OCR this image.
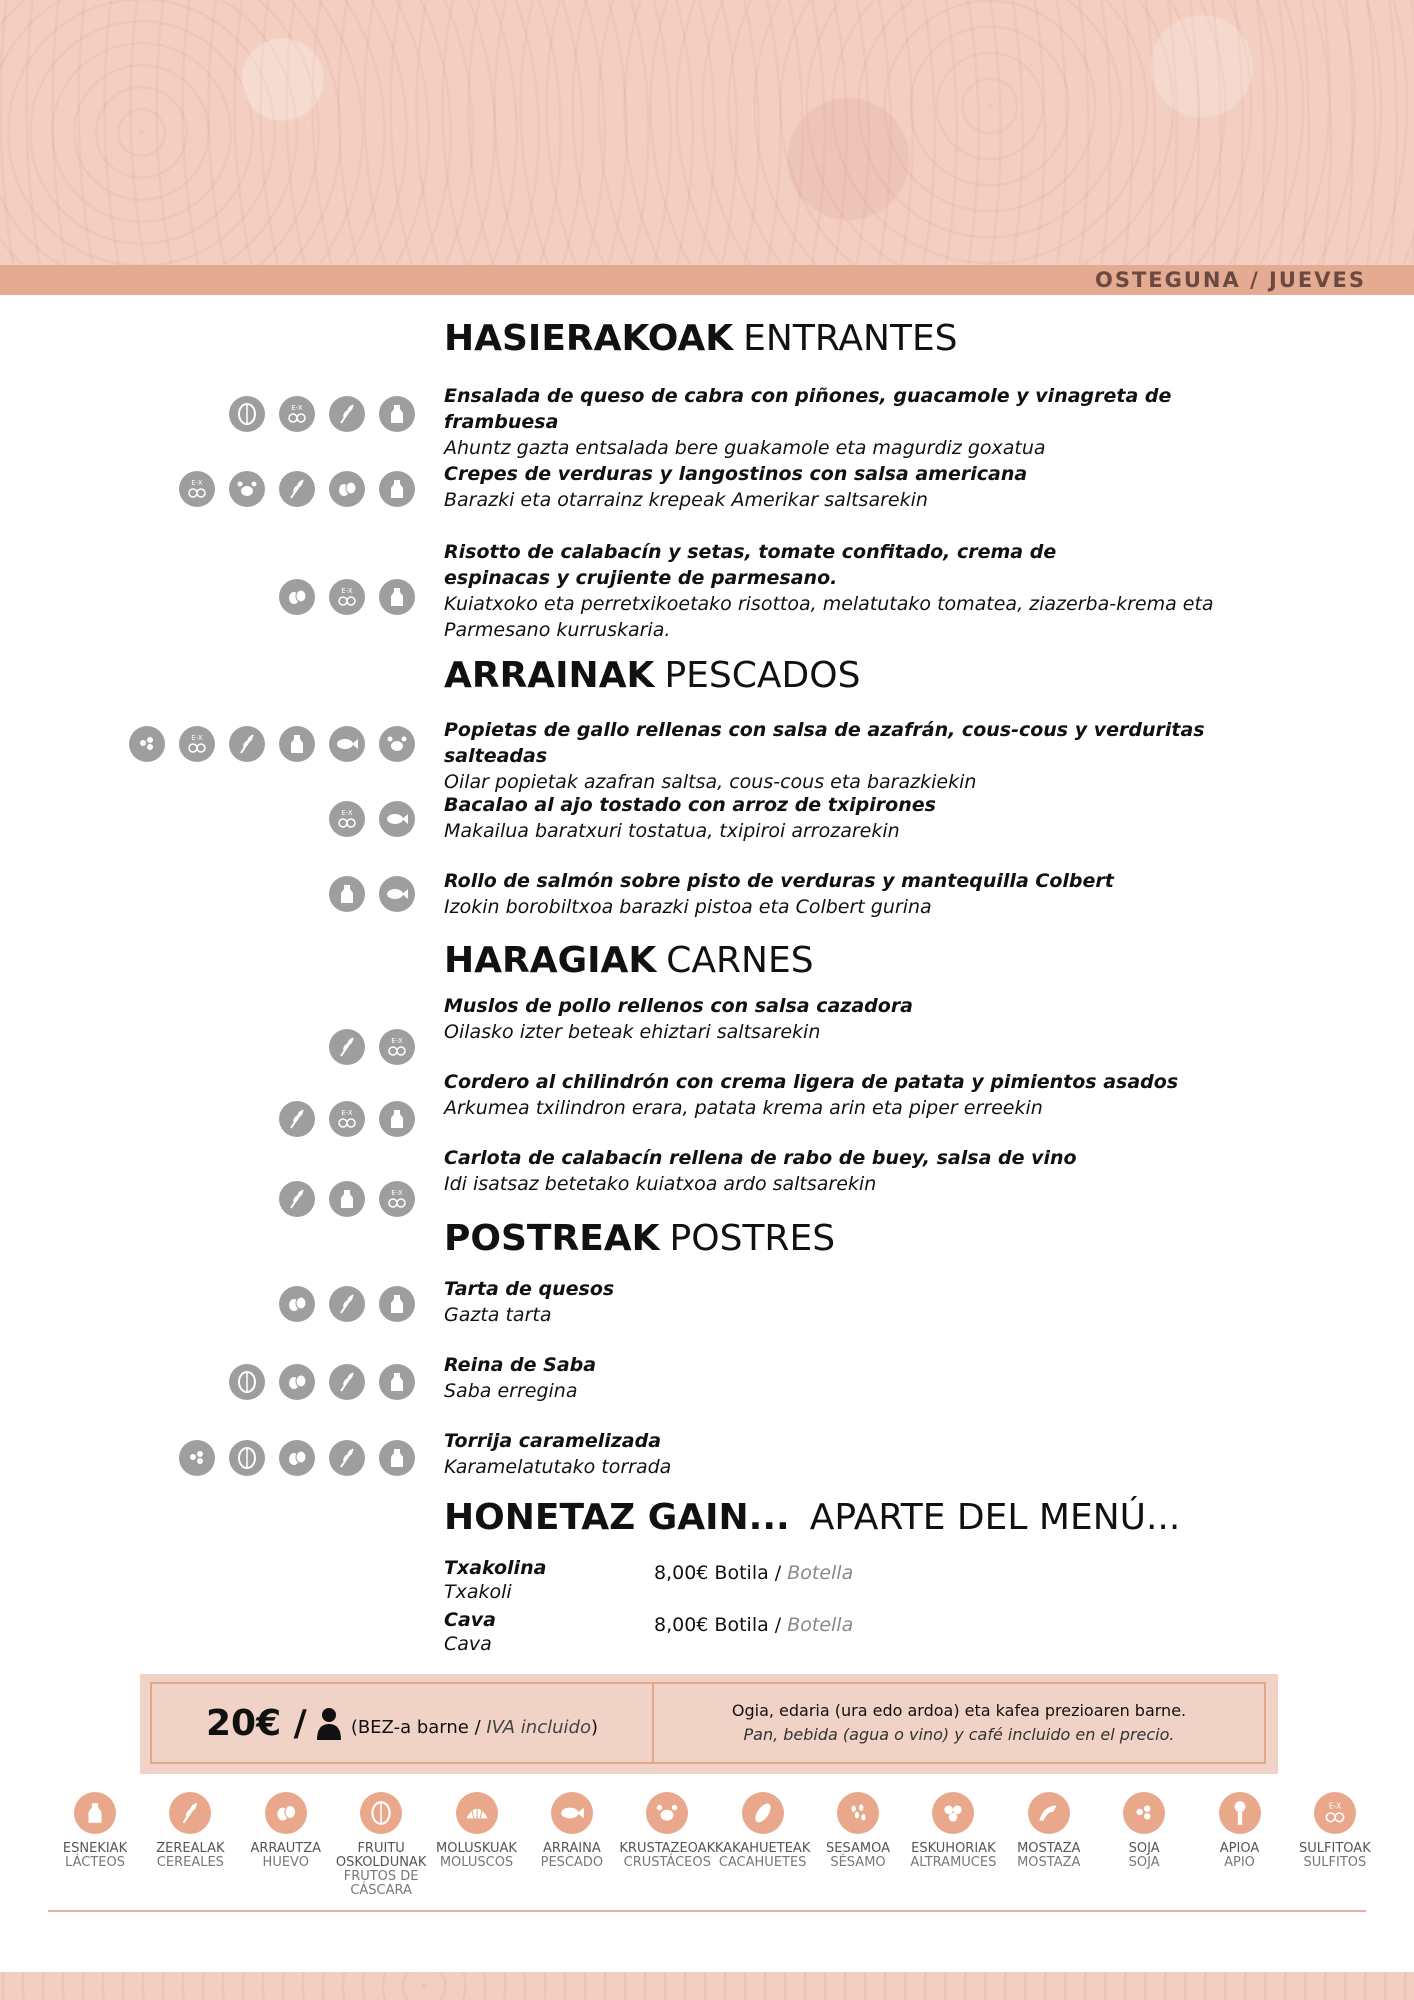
OSTEGUNA / JUEVES
HASIERAKOAK ENTRANTES
Ensalada de queso de cabra con piñones, guacamole y vinagreta de frambuesa
Ahuntz gazta entsalada bere guakamole eta magurdiz goxatua
E-X
Crepes de verduras y langostinos con salsa americana
Barazki eta otarrainz krepeak Amerikar saltsarekin
E-X
Risotto de calabacín y setas, tomate confitado, crema de espinacas y crujiente de parmesano.
Kuiatxoko eta perretxikoetako risottoa, melatutako tomatea, ziazerba-krema eta Parmesano kurruskaria.
E-X
ARRAINAK PESCADOS
Popietas de gallo rellenas con salsa de azafrán, cous-cous y verduritas salteadas
Oilar popietak azafran saltsa, cous-cous eta barazkiekin
E-X
Bacalao al ajo tostado con arroz de txipirones
Makailua baratxuri tostatua, txipiroi arrozarekin
E-X
Rollo de salmón sobre pisto de verduras y mantequilla Colbert
Izokin borobiltxoa barazki pistoa eta Colbert gurina
HARAGIAK CARNES
Muslos de pollo rellenos con salsa cazadora
Oilasko izter beteak ehiztari saltsarekin
E-X
Cordero al chilindrón con crema ligera de patata y pimientos asados
Arkumea txilindron erara, patata krema arin eta piper erreekin
E-X
Carlota de calabacín rellena de rabo de buey, salsa de vino
Idi isatsaz betetako kuiatxoa ardo saltsarekin
E-X
POSTREAK POSTRES
Tarta de quesos
Gazta tarta
Reina de Saba
Saba erregina
Torrija caramelizada
Karamelatutako torrada
HONETAZ GAIN... APARTE DEL MENÚ...
Txakolina
Txakoli
8,00€ Botila / Botella
Cava
Cava
8,00€ Botila / Botella
20€ / (BEZ-a barne / IVA incluido)
Ogia, edaria (ura edo ardoa) eta kafea prezioaren barne.
Pan, bebida (agua o vino) y café incluido en el precio.
ESNEKIAK
LÁCTEOS
ZEREALAK
CEREALES
ARRAUTZA
HUEVO
FRUITU OSKOLDUNAK
FRUTOS DE CÁSCARA
MOLUSKUAK
MOLUSCOS
ARRAINA
PESCADO
KRUSTAZEOAK
CRUSTÁCEOS
KAKAHUETEAK
CACAHUETES
SESAMOA
SÉSAMO
ESKUHORIAK
ALTRAMUCES
MOSTAZA
MOSTAZA
SOJA
SOJA
APIOA
APIO
E-X
SULFITOAK
SULFITOS
